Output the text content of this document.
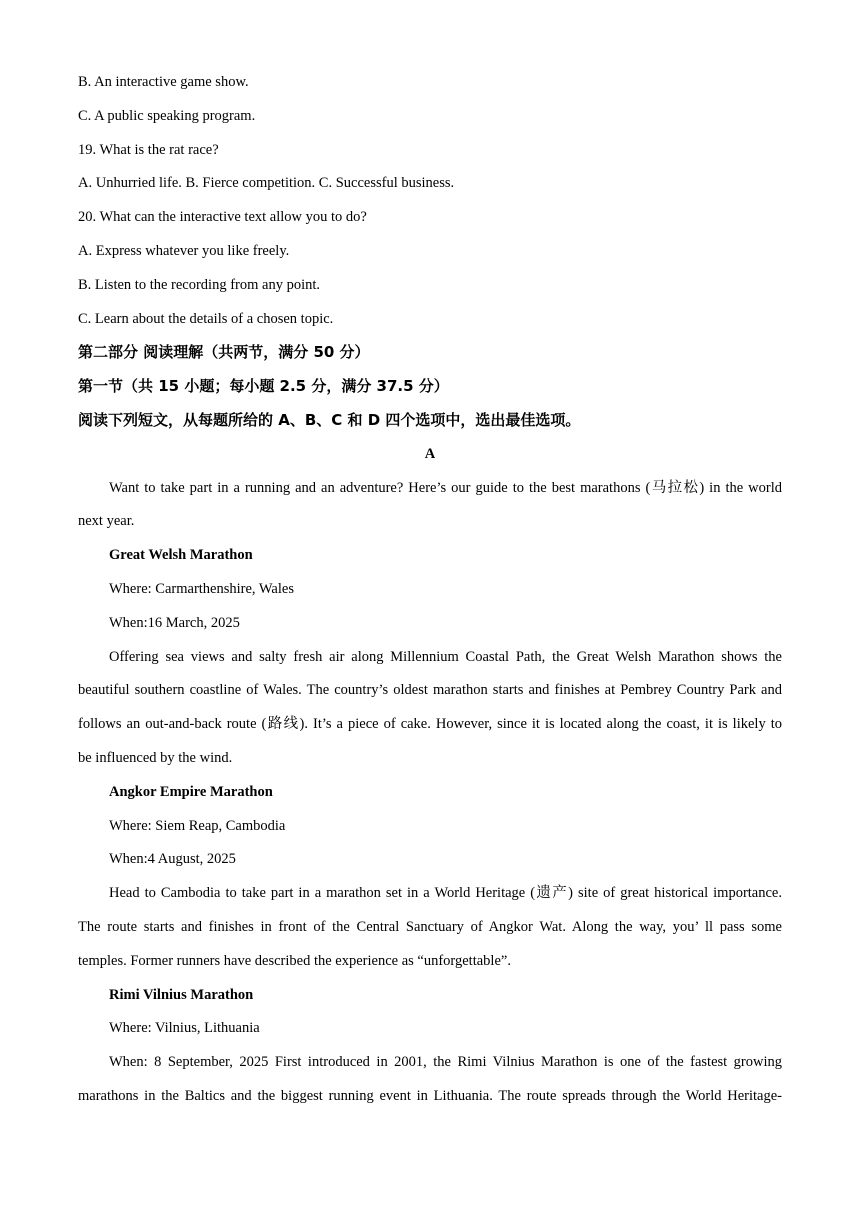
B. An interactive game show.
C. A public speaking program.
19. What is the rat race?
A. Unhurried life. B. Fierce competition. C. Successful business.
20. What can the interactive text allow you to do?
A. Express whatever you like freely.
B. Listen to the recording from any point.
C. Learn about the details of a chosen topic.
第二部分 阅读理解（共两节，满分 50 分）
第一节（共 15 小题；每小题 2.5 分，满分 37.5 分）
阅读下列短文，从每题所给的 A、B、C 和 D 四个选项中，选出最佳选项。
A
Want to take part in a running and an adventure? Here’s our guide to the best marathons (马拉松) in the world
next year.
Great Welsh Marathon
Where: Carmarthenshire, Wales
When:16 March, 2025
Offering sea views and salty fresh air along Millennium Coastal Path, the Great Welsh Marathon shows the
beautiful southern coastline of Wales. The country’s oldest marathon starts and finishes at Pembrey Country Park and
follows an out-and-back route (路线). It’s a piece of cake. However, since it is located along the coast, it is likely to
be influenced by the wind.
Angkor Empire Marathon
Where: Siem Reap, Cambodia
When:4 August, 2025
Head to Cambodia to take part in a marathon set in a World Heritage (遗产) site of great historical importance.
The route starts and finishes in front of the Central Sanctuary of Angkor Wat. Along the way, you’ ll pass some
temples. Former runners have described the experience as “unforgettable”.
Rimi Vilnius Marathon
Where: Vilnius, Lithuania
When: 8 September, 2025 First introduced in 2001, the Rimi Vilnius Marathon is one of the fastest growing
marathons in the Baltics and the biggest running event in Lithuania. The route spreads through the World Heritage-
